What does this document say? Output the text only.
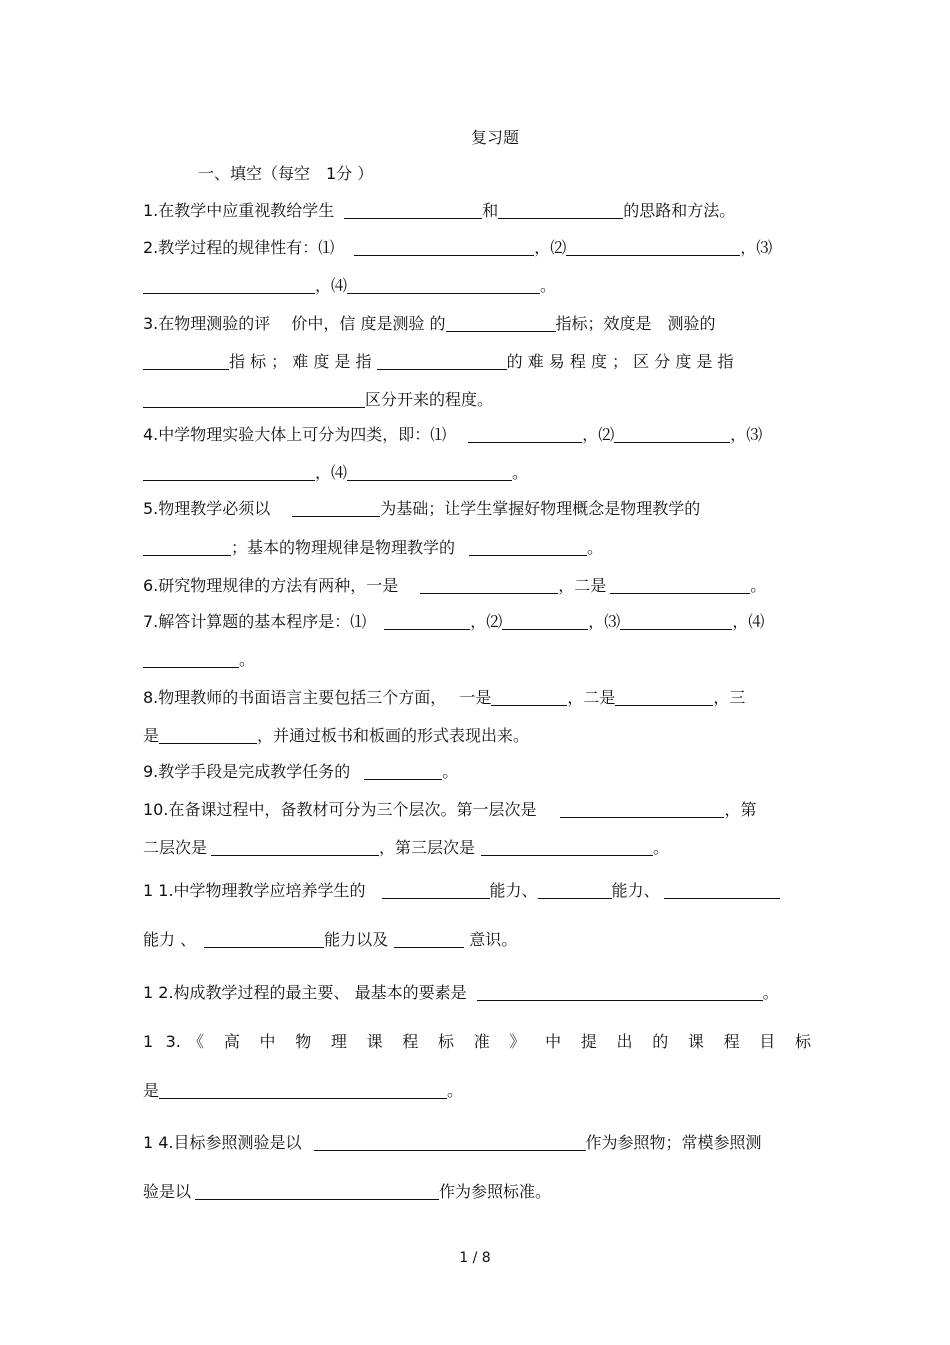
复习题
一、填空（每空　1分 ）
1.在教学中应重视教给学生	和	的思路和方法。
2.教学过程的规律性有：⑴	，⑵	，⑶
，⑷	。
3.在物理测验的评　 价中，信 度是测验 的	指标；效度是　测验的
指 标 ； 难 度 是 指	的 难 易 程 度 ； 区 分 度 是 指
区分开来的程度。
4.中学物理实验大体上可分为四类，即：⑴	，⑵	，⑶
，⑷	。
5.物理教学必须以	为基础；让学生掌握好物理概念是物理教学的
；基本的物理规律是物理教学的	。
6.研究物理规律的方法有两种，一是	，二是	。
7.解答计算题的基本程序是：⑴	，⑵	，⑶	，⑷
。
8.物理教师的书面语言主要包括三个方面，　 一是	，二是	，三
是	，并通过板书和板画的形式表现出来。
9.教学手段是完成教学任务的	。
10.在备课过程中，备教材可分为三个层次。第一层次是	，第
二层次是	，第三层次是	。
1 1.中学物理教学应培养学生的	能力、	能力、
能力 、	能力以及	意识。
1 2.构成教学过程的最主要、 最基本的要素是	。
1 3.《 高 中 物 理 课 程 标 准 》 中 提 出 的 课 程 目 标
是	。
1 4.目标参照测验是以	作为参照物；常模参照测
验是以	作为参照标准。
1 / 8
